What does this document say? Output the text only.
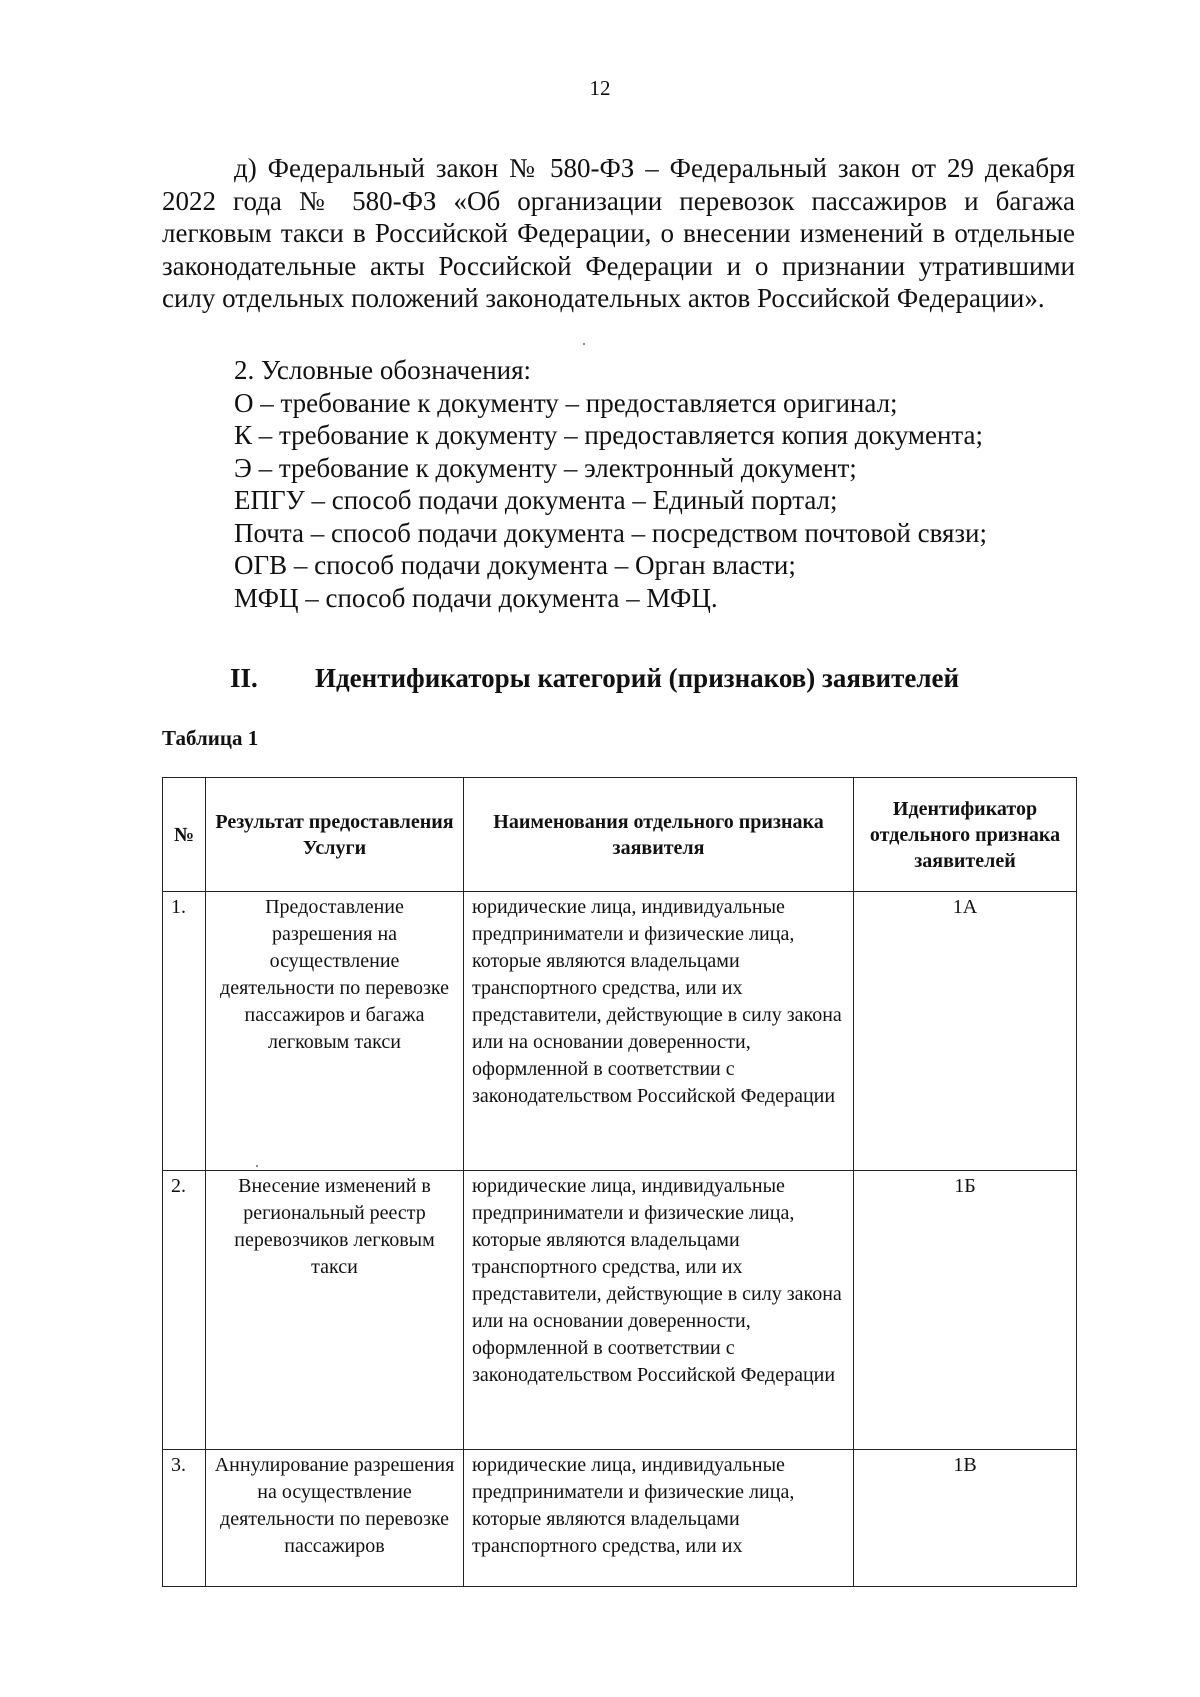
12

д) Федеральный закон № 580-ФЗ – Федеральный закон от 29 декабря 2022 года № 580-ФЗ «Об организации перевозок пассажиров и багажа легковым такси в Российской Федерации, о внесении изменений в отдельные законодательные акты Российской Федерации и о признании утратившими силу отдельных положений законодательных актов Российской Федерации».

2. Условные обозначения:
О – требование к документу – предоставляется оригинал;
К – требование к документу – предоставляется копия документа;
Э – требование к документу – электронный документ;
ЕПГУ – способ подачи документа – Единый портал;
Почта – способ подачи документа – посредством почтовой связи;
ОГВ – способ подачи документа – Орган власти;
МФЦ – способ подачи документа – МФЦ.
II. Идентификаторы категорий (признаков) заявителей
Таблица 1
№	Результат предоставления Услуги	Наименования отдельного признака заявителя	Идентификатор отдельного признака заявителей
1.	Предоставление разрешения на осуществление деятельности по перевозке пассажиров и багажа легковым такси	юридические лица, индивидуальные предприниматели и физические лица, которые являются владельцами транспортного средства, или их представители, действующие в силу закона или на основании доверенности, оформленной в соответствии с законодательством Российской Федерации	1А
2.	Внесение изменений в региональный реестр перевозчиков легковым такси	юридические лица, индивидуальные предприниматели и физические лица, которые являются владельцами транспортного средства, или их представители, действующие в силу закона или на основании доверенности, оформленной в соответствии с законодательством Российской Федерации	1Б
3.	Аннулирование разрешения на осуществление деятельности по перевозке пассажиров	юридические лица, индивидуальные предприниматели и физические лица, которые являются владельцами транспортного средства, или их	1В
